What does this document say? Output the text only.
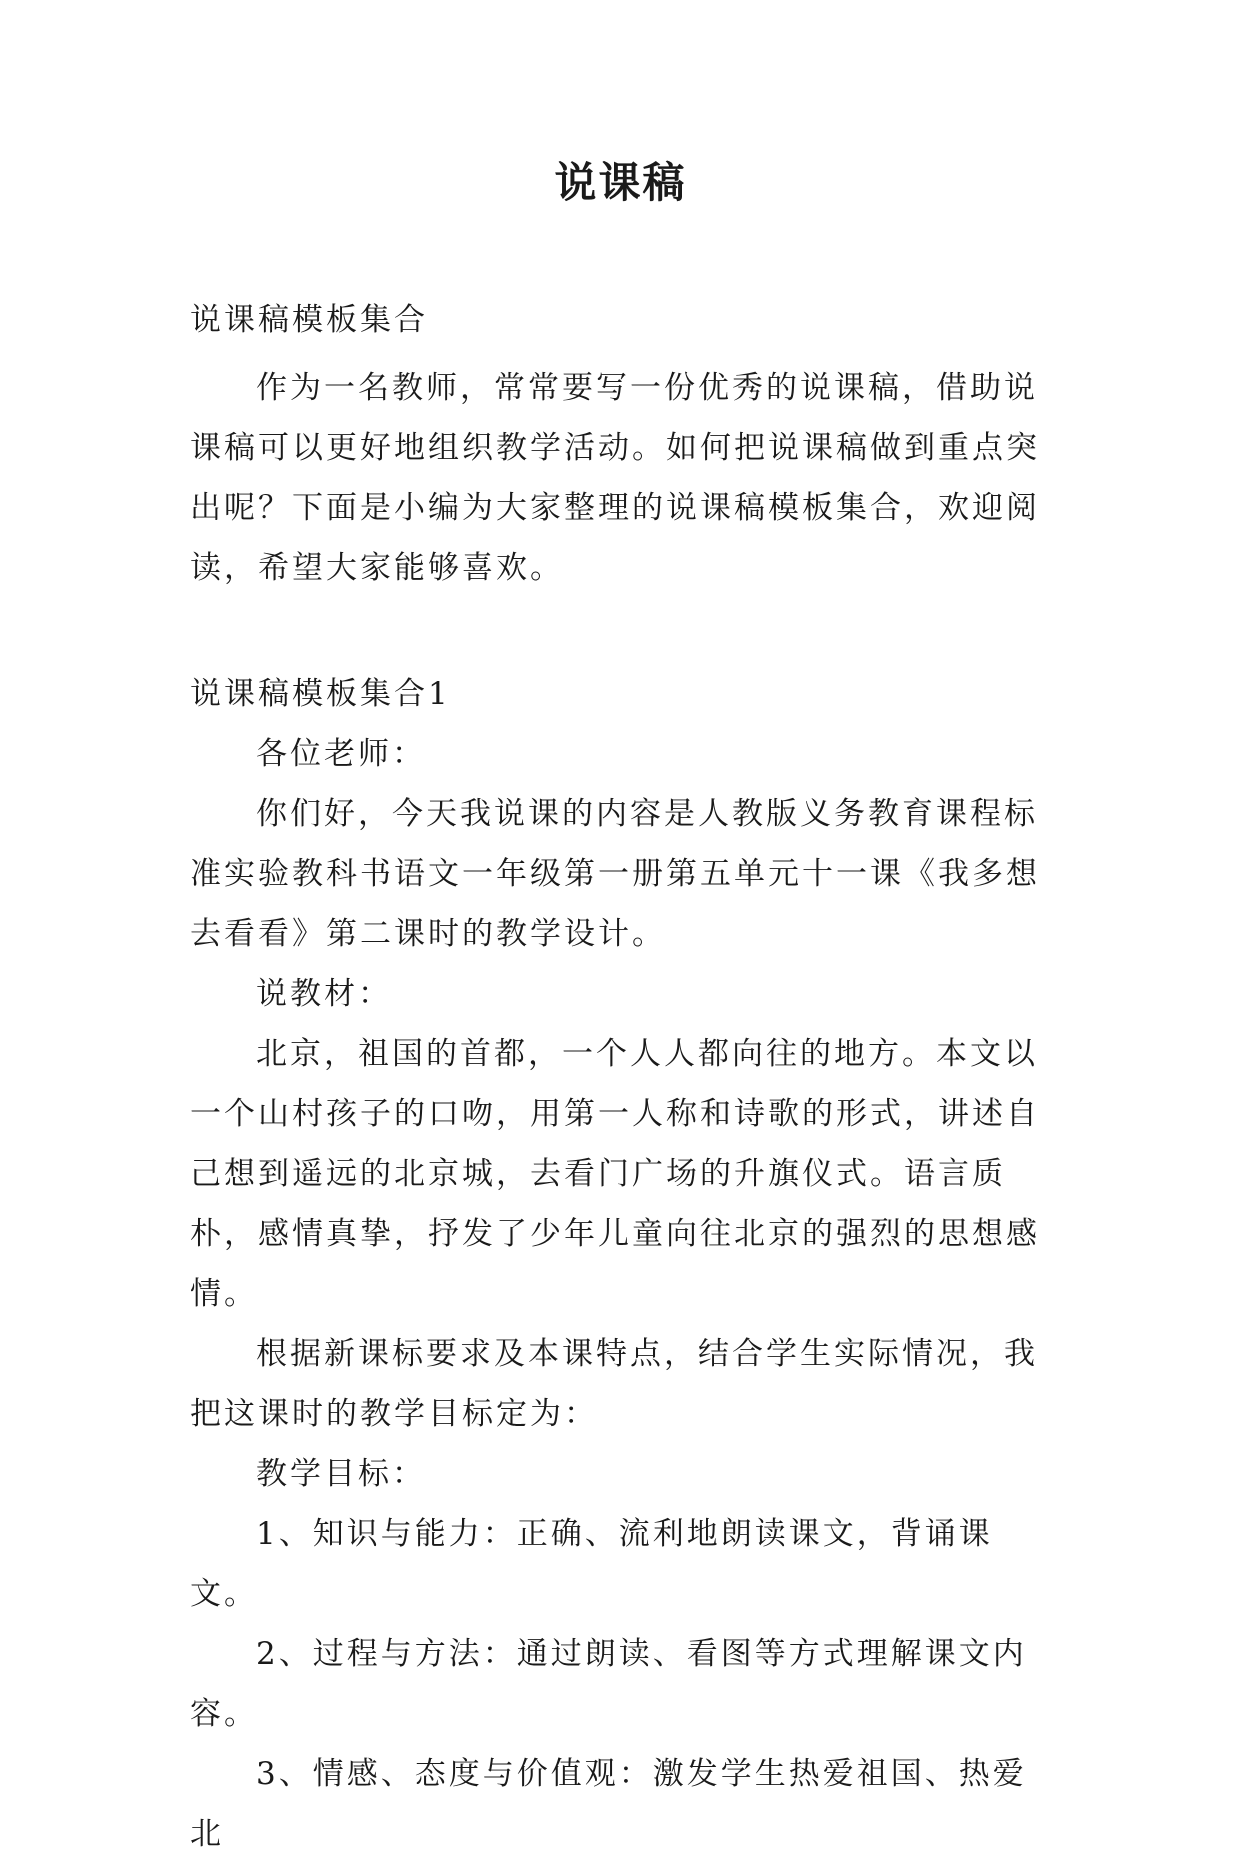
说课稿

说课稿模板集合

作为一名教师，常常要写一份优秀的说课稿，借助说课稿可以更好地组织教学活动。如何把说课稿做到重点突出呢？下面是小编为大家整理的说课稿模板集合，欢迎阅读，希望大家能够喜欢。

说课稿模板集合1

各位老师：

你们好，今天我说课的内容是人教版义务教育课程标准实验教科书语文一年级第一册第五单元十一课《我多想去看看》第二课时的教学设计。

说教材：

北京，祖国的首都，一个人人都向往的地方。本文以一个山村孩子的口吻，用第一人称和诗歌的形式，讲述自己想到遥远的北京城，去看门广场的升旗仪式。语言质朴，感情真挚，抒发了少年儿童向往北京的强烈的思想感情。

根据新课标要求及本课特点，结合学生实际情况，我把这课时的教学目标定为：

教学目标：

1、知识与能力：正确、流利地朗读课文，背诵课文。

2、过程与方法：通过朗读、看图等方式理解课文内容。

3、情感、态度与价值观：激发学生热爱祖国、热爱北
